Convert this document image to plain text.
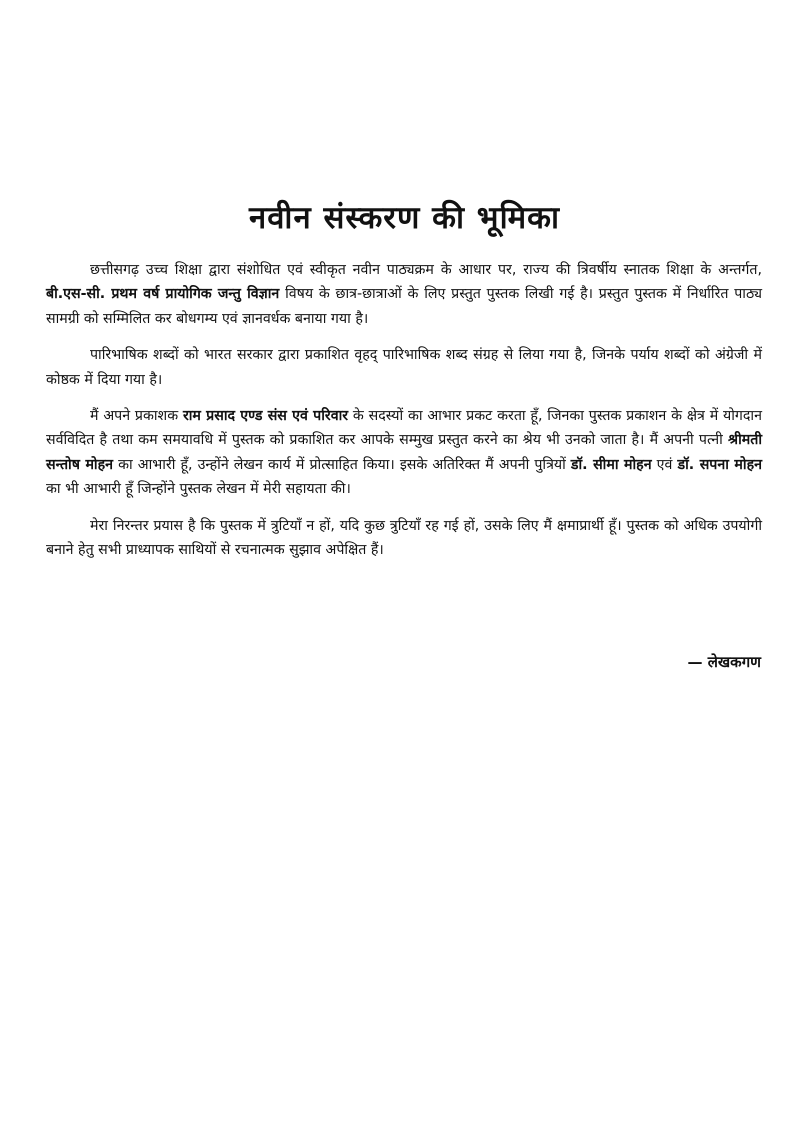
नवीन संस्करण की भूमिका

छत्तीसगढ़ उच्च शिक्षा द्वारा संशोधित एवं स्वीकृत नवीन पाठ्यक्रम के आधार पर, राज्य की त्रिवर्षीय स्नातक शिक्षा के अन्तर्गत, बी.एस-सी. प्रथम वर्ष प्रायोगिक जन्तु विज्ञान विषय के छात्र-छात्राओं के लिए प्रस्तुत पुस्तक लिखी गई है। प्रस्तुत पुस्तक में निर्धारित पाठ्य सामग्री को सम्मिलित कर बोधगम्य एवं ज्ञानवर्धक बनाया गया है।

पारिभाषिक शब्दों को भारत सरकार द्वारा प्रकाशित वृहद् पारिभाषिक शब्द संग्रह से लिया गया है, जिनके पर्याय शब्दों को अंग्रेजी में कोष्ठक में दिया गया है।

मैं अपने प्रकाशक राम प्रसाद एण्ड संस एवं परिवार के सदस्यों का आभार प्रकट करता हूँ, जिनका पुस्तक प्रकाशन के क्षेत्र में योगदान सर्वविदित है तथा कम समयावधि में पुस्तक को प्रकाशित कर आपके सम्मुख प्रस्तुत करने का श्रेय भी उनको जाता है। मैं अपनी पत्नी श्रीमती सन्तोष मोहन का आभारी हूँ, उन्होंने लेखन कार्य में प्रोत्साहित किया। इसके अतिरिक्त मैं अपनी पुत्रियों डॉ. सीमा मोहन एवं डॉ. सपना मोहन का भी आभारी हूँ जिन्होंने पुस्तक लेखन में मेरी सहायता की।

मेरा निरन्तर प्रयास है कि पुस्तक में त्रुटियाँ न हों, यदि कुछ त्रुटियाँ रह गई हों, उसके लिए मैं क्षमाप्रार्थी हूँ। पुस्तक को अधिक उपयोगी बनाने हेतु सभी प्राध्यापक साथियों से रचनात्मक सुझाव अपेक्षित हैं।

— लेखकगण
